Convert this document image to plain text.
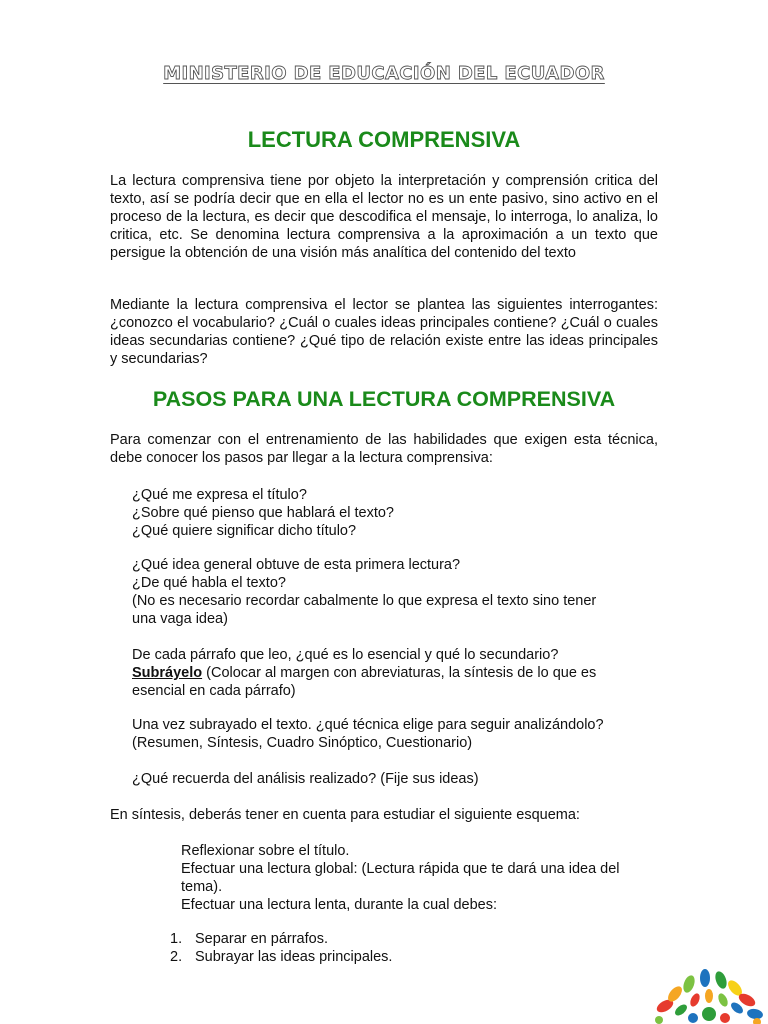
MINISTERIO DE EDUCACIÓN DEL ECUADOR
LECTURA COMPRENSIVA

La lectura comprensiva tiene por objeto la interpretación y comprensión critica del texto, así se podría decir que en ella el lector no es un ente pasivo, sino activo en el proceso de la lectura, es decir que descodifica el mensaje, lo interroga, lo analiza, lo critica, etc. Se denomina lectura comprensiva a la aproximación a un texto que persigue la obtención de una visión más analítica del contenido del texto

Mediante la lectura comprensiva el lector se plantea las siguientes interrogantes: ¿conozco el vocabulario? ¿Cuál o cuales ideas principales contiene? ¿Cuál o cuales ideas secundarias contiene? ¿Qué tipo de relación existe entre las ideas principales y secundarias?

PASOS PARA UNA LECTURA COMPRENSIVA

Para comenzar con el entrenamiento de las habilidades que exigen esta técnica, debe conocer los pasos par llegar a la lectura comprensiva:

¿Qué me expresa el título?
¿Sobre qué pienso que hablará el texto?
¿Qué quiere significar dicho título?
¿Qué idea general obtuve de esta primera lectura?
¿De qué habla el texto?
(No es necesario recordar cabalmente lo que expresa el texto sino tener
una vaga idea)
De cada párrafo que leo, ¿qué es lo esencial y qué lo secundario?
Subráyelo (Colocar al margen con abreviaturas, la síntesis de lo que es
esencial en cada párrafo)
Una vez subrayado el texto. ¿qué técnica elige para seguir analizándolo?
(Resumen, Síntesis, Cuadro Sinóptico, Cuestionario)
¿Qué recuerda del análisis realizado? (Fije sus ideas)

En síntesis, deberás tener en cuenta para estudiar el siguiente esquema:

Reflexionar sobre el título.
Efectuar una lectura global: (Lectura rápida que te dará una idea del
tema).
Efectuar una lectura lenta, durante la cual debes:
1. Separar en párrafos.
2. Subrayar las ideas principales.
